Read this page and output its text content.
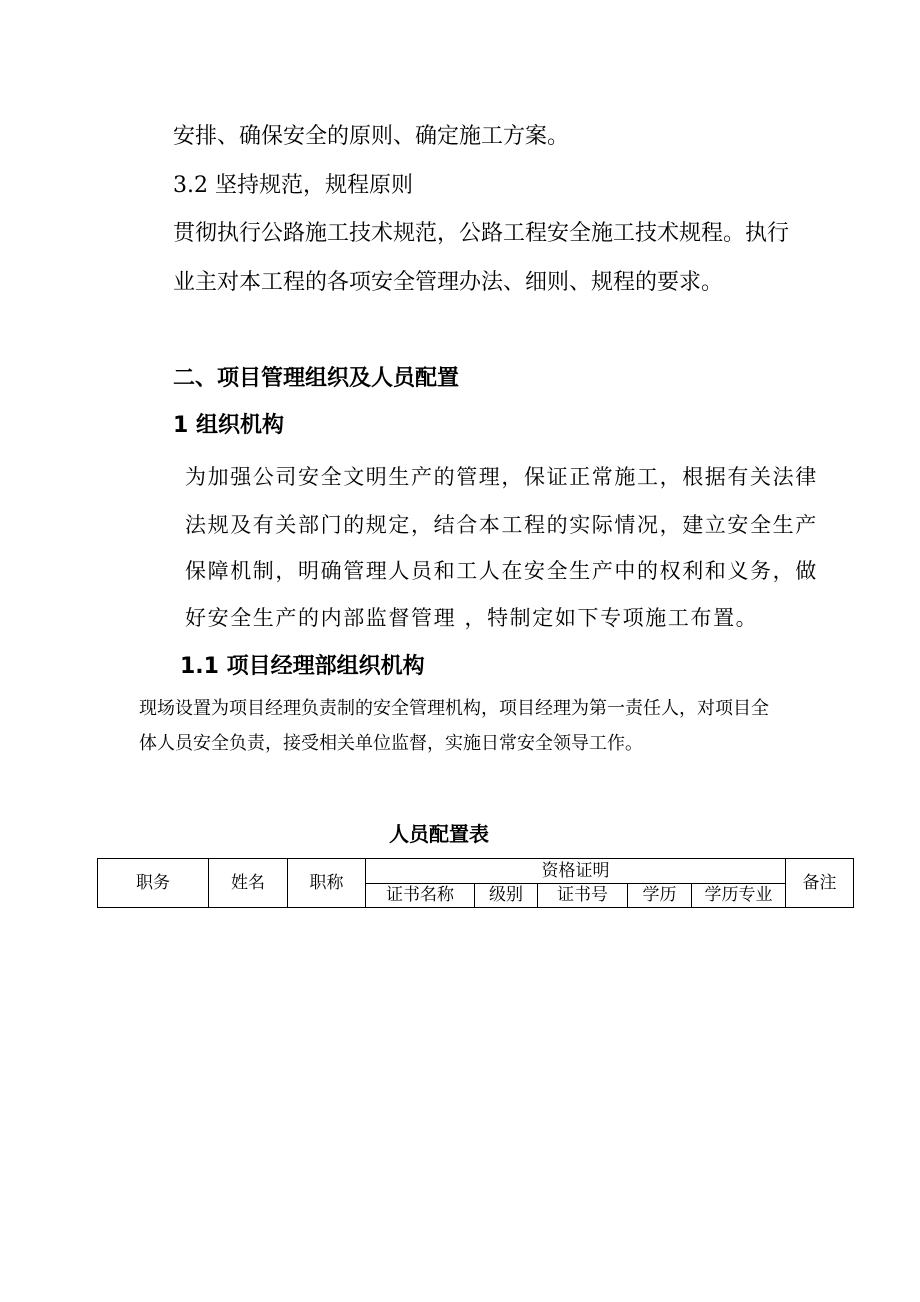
安排、确保安全的原则、确定施工方案。
3.2 坚持规范，规程原则
贯彻执行公路施工技术规范，公路工程安全施工技术规程。执行
业主对本工程的各项安全管理办法、细则、规程的要求。
二、项目管理组织及人员配置
1 组织机构
为加强公司安全文明生产的管理，保证正常施工，根据有关法律
法规及有关部门的规定，结合本工程的实际情况，建立安全生产
保障机制，明确管理人员和工人在安全生产中的权利和义务，做
好安全生产的内部监督管理 ，特制定如下专项施工布置。
1.1 项目经理部组织机构
现场设置为项目经理负责制的安全管理机构，项目经理为第一责任人，对项目全
体人员安全负责，接受相关单位监督，实施日常安全领导工作。
人员配置表
职务	姓名	职称	资格证明					备注
			证书名称	级别	证书号	学历	学历专业	
